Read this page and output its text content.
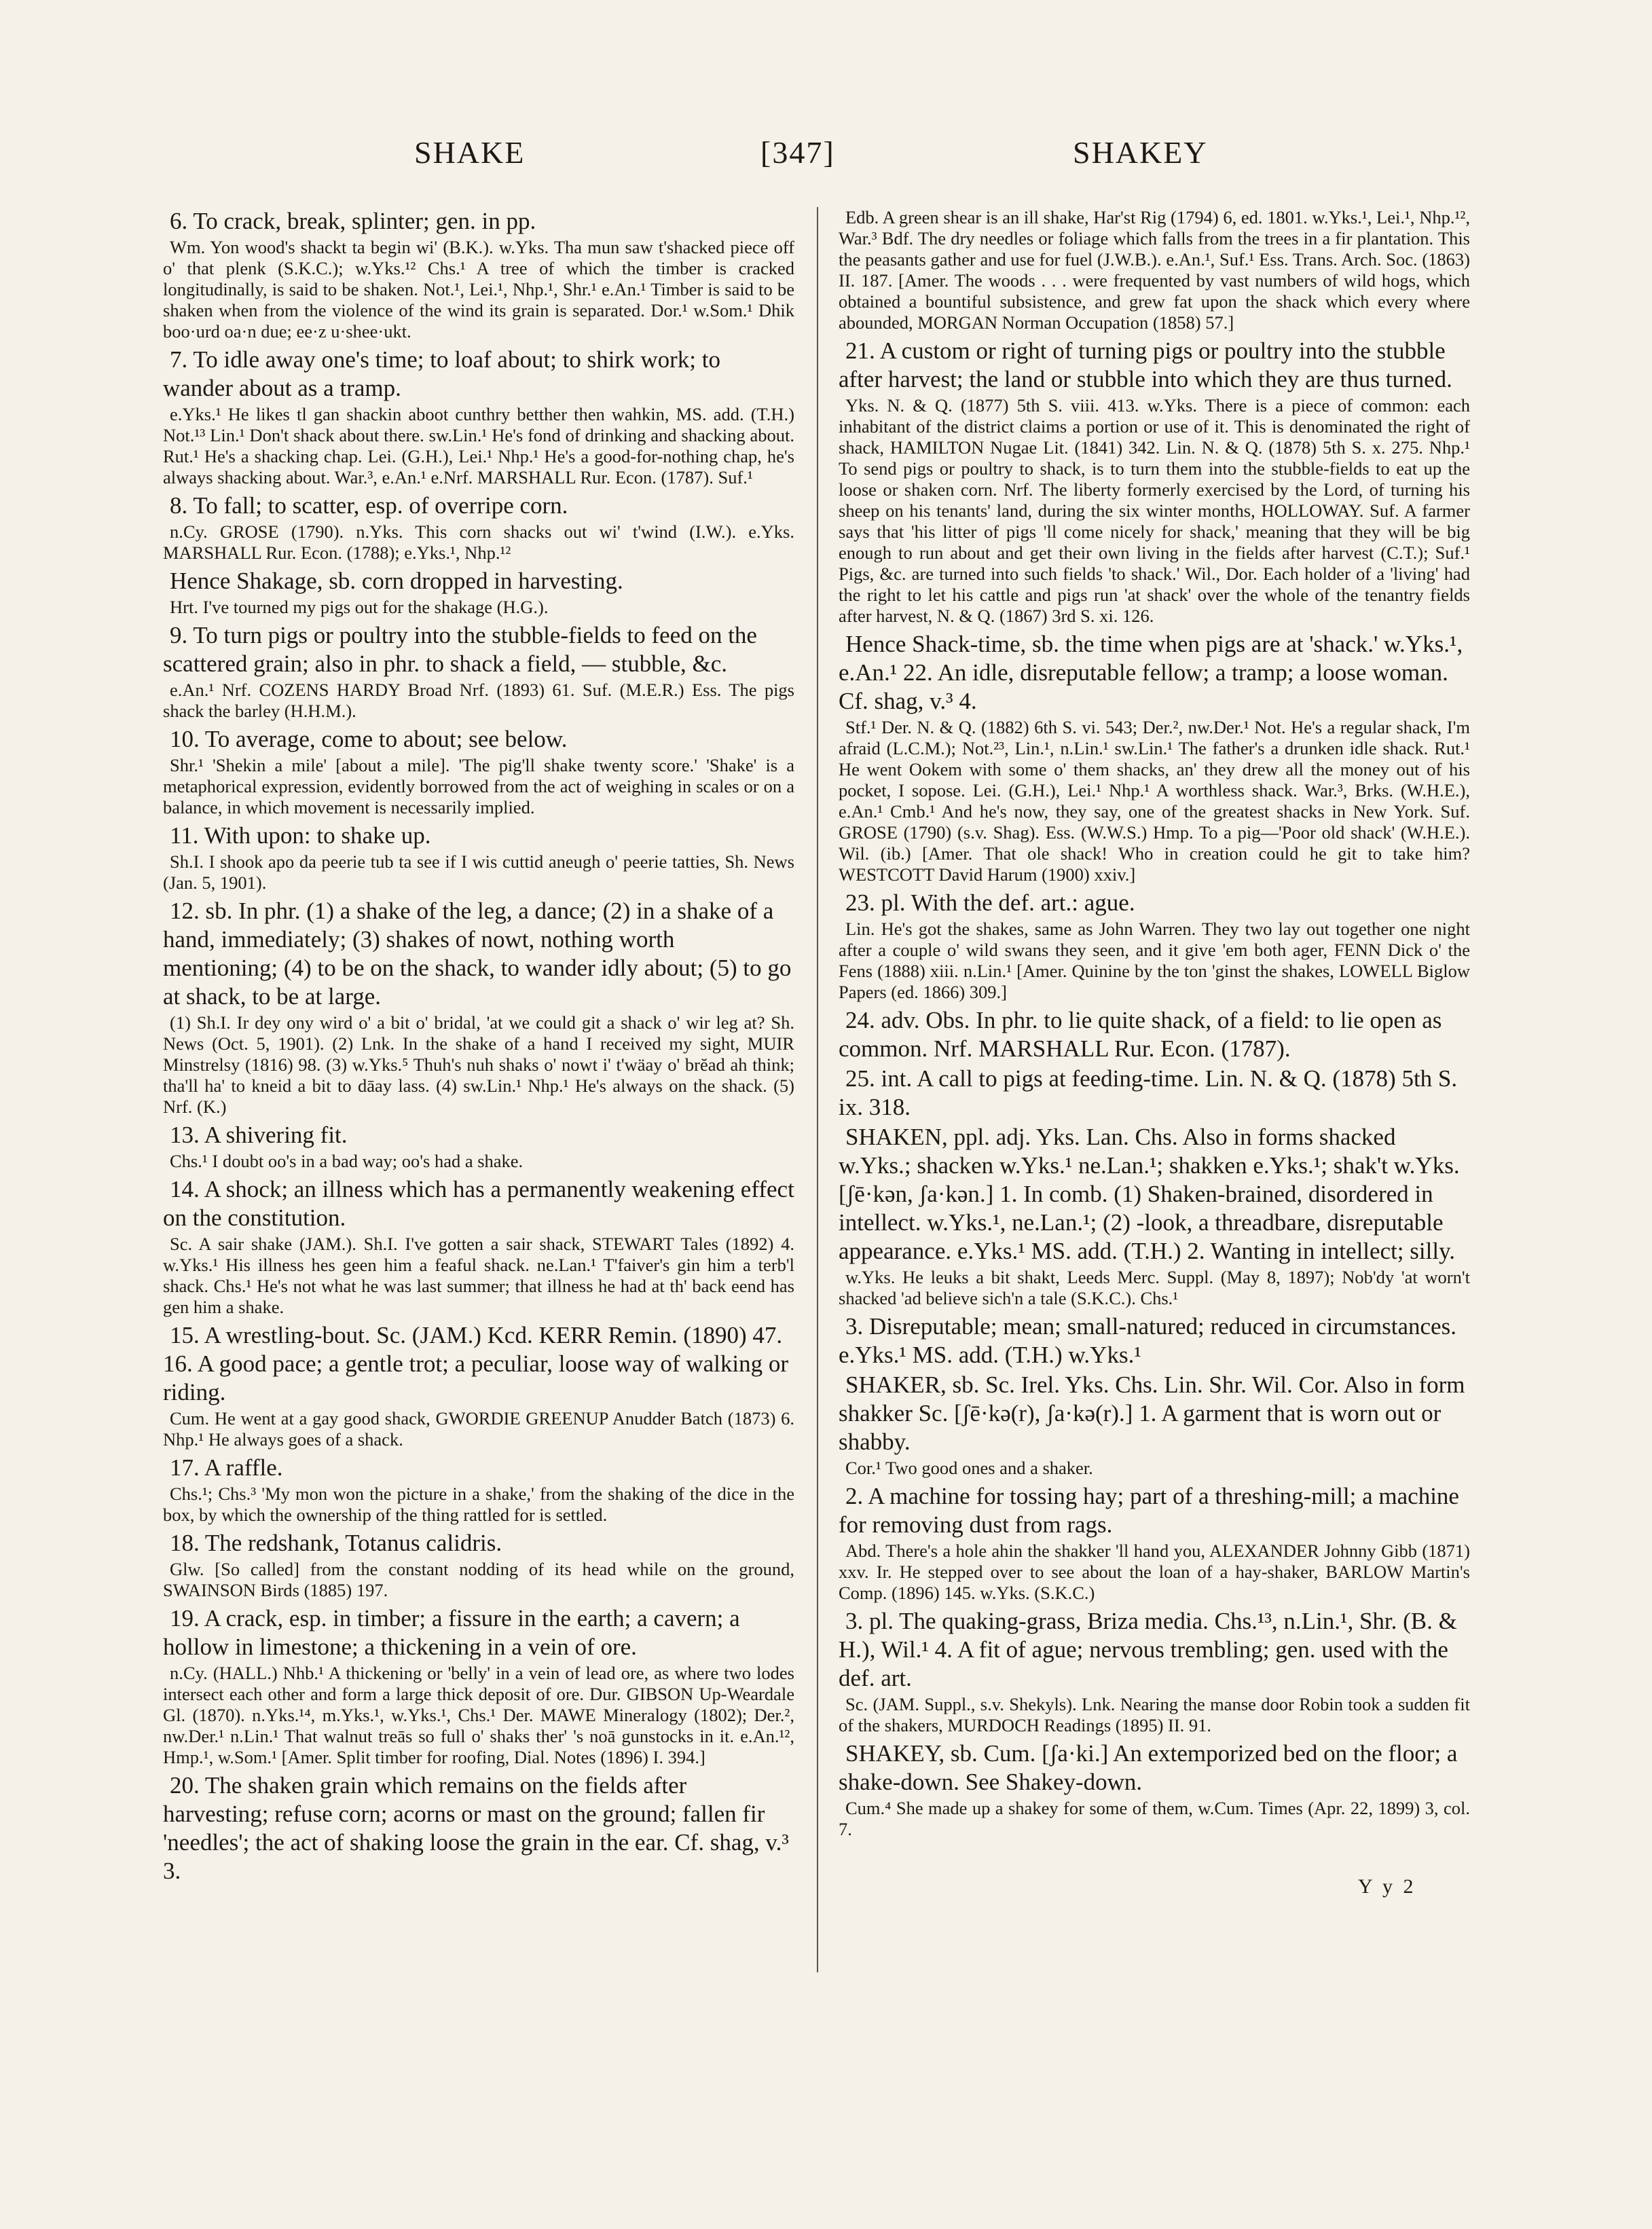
SHAKE	[347]	SHAKEY

6. To crack, break, splinter; gen. in pp.

Wm. Yon wood's shackt ta begin wi' (B.K.). w.Yks. Tha mun saw t'shacked piece off o' that plenk (S.K.C.); w.Yks.¹² Chs.¹ A tree of which the timber is cracked longitudinally, is said to be shaken. Not.¹, Lei.¹, Nhp.¹, Shr.¹ e.An.¹ Timber is said to be shaken when from the violence of the wind its grain is separated. Dor.¹ w.Som.¹ Dhik boo·urd oa·n due; ee·z u·shee·ukt.

7. To idle away one's time; to loaf about; to shirk work; to wander about as a tramp.

e.Yks.¹ He likes tl gan shackin aboot cunthry betther then wahkin, MS. add. (T.H.) Not.¹³ Lin.¹ Don't shack about there. sw.Lin.¹ He's fond of drinking and shacking about. Rut.¹ He's a shacking chap. Lei. (G.H.), Lei.¹ Nhp.¹ He's a good-for-nothing chap, he's always shacking about. War.³, e.An.¹ e.Nrf. MARSHALL Rur. Econ. (1787). Suf.¹

8. To fall; to scatter, esp. of overripe corn.

n.Cy. GROSE (1790). n.Yks. This corn shacks out wi' t'wind (I.W.). e.Yks. MARSHALL Rur. Econ. (1788); e.Yks.¹, Nhp.¹²

Hence Shakage, sb. corn dropped in harvesting.

Hrt. I've tourned my pigs out for the shakage (H.G.).

9. To turn pigs or poultry into the stubble-fields to feed on the scattered grain; also in phr. to shack a field, — stubble, &c.

e.An.¹ Nrf. COZENS HARDY Broad Nrf. (1893) 61. Suf. (M.E.R.) Ess. The pigs shack the barley (H.H.M.).

10. To average, come to about; see below.

Shr.¹ 'Shekin a mile' [about a mile]. 'The pig'll shake twenty score.' 'Shake' is a metaphorical expression, evidently borrowed from the act of weighing in scales or on a balance, in which movement is necessarily implied.

11. With upon: to shake up.

Sh.I. I shook apo da peerie tub ta see if I wis cuttid aneugh o' peerie tatties, Sh. News (Jan. 5, 1901).

12. sb. In phr. (1) a shake of the leg, a dance; (2) in a shake of a hand, immediately; (3) shakes of nowt, nothing worth mentioning; (4) to be on the shack, to wander idly about; (5) to go at shack, to be at large.

(1) Sh.I. Ir dey ony wird o' a bit o' bridal, 'at we could git a shack o' wir leg at? Sh. News (Oct. 5, 1901). (2) Lnk. In the shake of a hand I received my sight, MUIR Minstrelsy (1816) 98. (3) w.Yks.⁵ Thuh's nuh shaks o' nowt i' t'wäay o' brĕad ah think; tha'll ha' to kneid a bit to dāay lass. (4) sw.Lin.¹ Nhp.¹ He's always on the shack. (5) Nrf. (K.)

13. A shivering fit.

Chs.¹ I doubt oo's in a bad way; oo's had a shake.

14. A shock; an illness which has a permanently weakening effect on the constitution.

Sc. A sair shake (JAM.). Sh.I. I've gotten a sair shack, STEWART Tales (1892) 4. w.Yks.¹ His illness hes geen him a feaful shack. ne.Lan.¹ T'faiver's gin him a terb'l shack. Chs.¹ He's not what he was last summer; that illness he had at th' back eend has gen him a shake.

15. A wrestling-bout. Sc. (JAM.) Kcd. KERR Remin. (1890) 47. 16. A good pace; a gentle trot; a peculiar, loose way of walking or riding.

Cum. He went at a gay good shack, GWORDIE GREENUP Anudder Batch (1873) 6. Nhp.¹ He always goes of a shack.

17. A raffle.

Chs.¹; Chs.³ 'My mon won the picture in a shake,' from the shaking of the dice in the box, by which the ownership of the thing rattled for is settled.

18. The redshank, Totanus calidris.

Glw. [So called] from the constant nodding of its head while on the ground, SWAINSON Birds (1885) 197.

19. A crack, esp. in timber; a fissure in the earth; a cavern; a hollow in limestone; a thickening in a vein of ore.

n.Cy. (HALL.) Nhb.¹ A thickening or 'belly' in a vein of lead ore, as where two lodes intersect each other and form a large thick deposit of ore. Dur. GIBSON Up-Weardale Gl. (1870). n.Yks.¹⁴, m.Yks.¹, w.Yks.¹, Chs.¹ Der. MAWE Mineralogy (1802); Der.², nw.Der.¹ n.Lin.¹ That walnut treās so full o' shaks ther' 's noā gunstocks in it. e.An.¹², Hmp.¹, w.Som.¹ [Amer. Split timber for roofing, Dial. Notes (1896) I. 394.]

20. The shaken grain which remains on the fields after harvesting; refuse corn; acorns or mast on the ground; fallen fir 'needles'; the act of shaking loose the grain in the ear. Cf. shag, v.³ 3.

Edb. A green shear is an ill shake, Har'st Rig (1794) 6, ed. 1801. w.Yks.¹, Lei.¹, Nhp.¹², War.³ Bdf. The dry needles or foliage which falls from the trees in a fir plantation. This the peasants gather and use for fuel (J.W.B.). e.An.¹, Suf.¹ Ess. Trans. Arch. Soc. (1863) II. 187. [Amer. The woods . . . were frequented by vast numbers of wild hogs, which obtained a bountiful subsistence, and grew fat upon the shack which every where abounded, MORGAN Norman Occupation (1858) 57.]

21. A custom or right of turning pigs or poultry into the stubble after harvest; the land or stubble into which they are thus turned.

Yks. N. & Q. (1877) 5th S. viii. 413. w.Yks. There is a piece of common: each inhabitant of the district claims a portion or use of it. This is denominated the right of shack, HAMILTON Nugae Lit. (1841) 342. Lin. N. & Q. (1878) 5th S. x. 275. Nhp.¹ To send pigs or poultry to shack, is to turn them into the stubble-fields to eat up the loose or shaken corn. Nrf. The liberty formerly exercised by the Lord, of turning his sheep on his tenants' land, during the six winter months, HOLLOWAY. Suf. A farmer says that 'his litter of pigs 'll come nicely for shack,' meaning that they will be big enough to run about and get their own living in the fields after harvest (C.T.); Suf.¹ Pigs, &c. are turned into such fields 'to shack.' Wil., Dor. Each holder of a 'living' had the right to let his cattle and pigs run 'at shack' over the whole of the tenantry fields after harvest, N. & Q. (1867) 3rd S. xi. 126.

Hence Shack-time, sb. the time when pigs are at 'shack.' w.Yks.¹, e.An.¹ 22. An idle, disreputable fellow; a tramp; a loose woman. Cf. shag, v.³ 4.

Stf.¹ Der. N. & Q. (1882) 6th S. vi. 543; Der.², nw.Der.¹ Not. He's a regular shack, I'm afraid (L.C.M.); Not.²³, Lin.¹, n.Lin.¹ sw.Lin.¹ The father's a drunken idle shack. Rut.¹ He went Ookem with some o' them shacks, an' they drew all the money out of his pocket, I sopose. Lei. (G.H.), Lei.¹ Nhp.¹ A worthless shack. War.³, Brks. (W.H.E.), e.An.¹ Cmb.¹ And he's now, they say, one of the greatest shacks in New York. Suf. GROSE (1790) (s.v. Shag). Ess. (W.W.S.) Hmp. To a pig—'Poor old shack' (W.H.E.). Wil. (ib.) [Amer. That ole shack! Who in creation could he git to take him? WESTCOTT David Harum (1900) xxiv.]

23. pl. With the def. art.: ague.

Lin. He's got the shakes, same as John Warren. They two lay out together one night after a couple o' wild swans they seen, and it give 'em both ager, FENN Dick o' the Fens (1888) xiii. n.Lin.¹ [Amer. Quinine by the ton 'ginst the shakes, LOWELL Biglow Papers (ed. 1866) 309.]

24. adv. Obs. In phr. to lie quite shack, of a field: to lie open as common. Nrf. MARSHALL Rur. Econ. (1787).

25. int. A call to pigs at feeding-time. Lin. N. & Q. (1878) 5th S. ix. 318.

SHAKEN, ppl. adj. Yks. Lan. Chs. Also in forms shacked w.Yks.; shacken w.Yks.¹ ne.Lan.¹; shakken e.Yks.¹; shak't w.Yks. [ʃē·kən, ʃa·kən.] 1. In comb. (1) Shaken-brained, disordered in intellect. w.Yks.¹, ne.Lan.¹; (2) -look, a threadbare, disreputable appearance. e.Yks.¹ MS. add. (T.H.) 2. Wanting in intellect; silly.

w.Yks. He leuks a bit shakt, Leeds Merc. Suppl. (May 8, 1897); Nob'dy 'at worn't shacked 'ad believe sich'n a tale (S.K.C.). Chs.¹

3. Disreputable; mean; small-natured; reduced in circumstances. e.Yks.¹ MS. add. (T.H.) w.Yks.¹

SHAKER, sb. Sc. Irel. Yks. Chs. Lin. Shr. Wil. Cor. Also in form shakker Sc. [ʃē·kə(r), ʃa·kə(r).] 1. A garment that is worn out or shabby.

Cor.¹ Two good ones and a shaker.

2. A machine for tossing hay; part of a threshing-mill; a machine for removing dust from rags.

Abd. There's a hole ahin the shakker 'll hand you, ALEXANDER Johnny Gibb (1871) xxv. Ir. He stepped over to see about the loan of a hay-shaker, BARLOW Martin's Comp. (1896) 145. w.Yks. (S.K.C.)

3. pl. The quaking-grass, Briza media. Chs.¹³, n.Lin.¹, Shr. (B. & H.), Wil.¹ 4. A fit of ague; nervous trembling; gen. used with the def. art.

Sc. (JAM. Suppl., s.v. Shekyls). Lnk. Nearing the manse door Robin took a sudden fit of the shakers, MURDOCH Readings (1895) II. 91.

SHAKEY, sb. Cum. [ʃa·ki.] An extemporized bed on the floor; a shake-down. See Shakey-down.

Cum.⁴ She made up a shakey for some of them, w.Cum. Times (Apr. 22, 1899) 3, col. 7.

Y y 2
